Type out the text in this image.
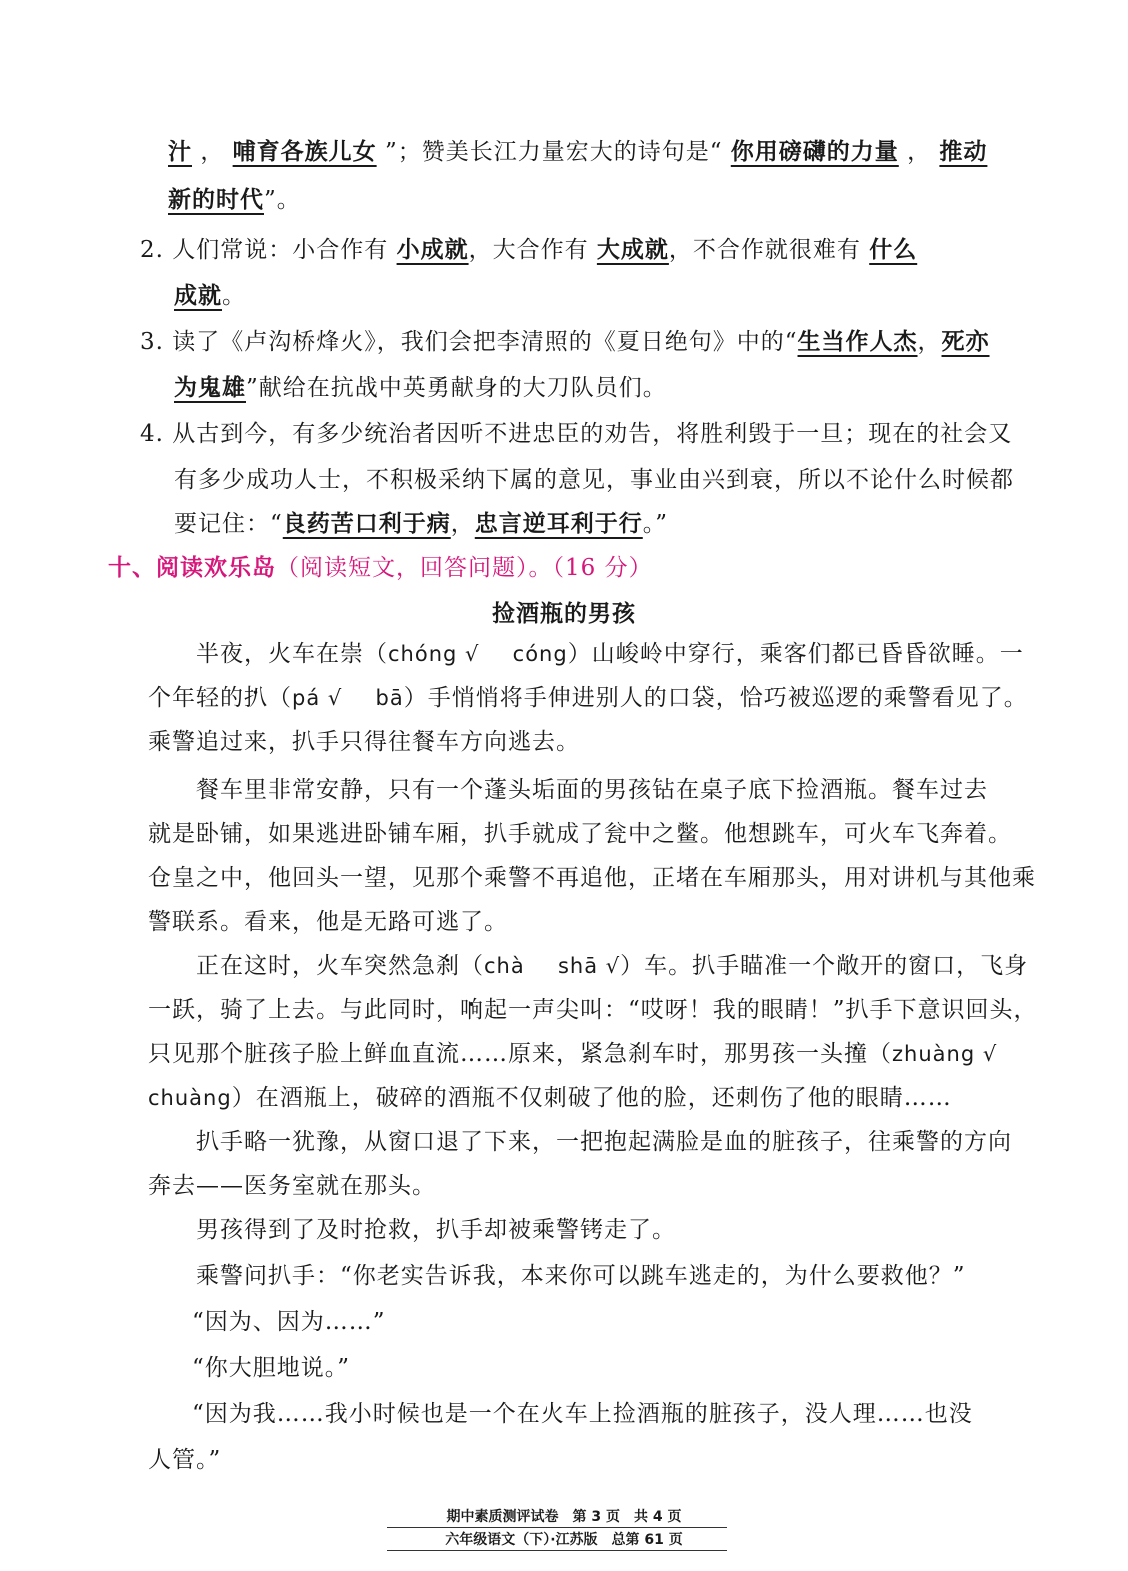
汁 ， 哺育各族儿女 ”；赞美长江力量宏大的诗句是“ 你用磅礴的力量 ， 推动
新的时代”。
2. 人们常说：小合作有 小成就，大合作有 大成就，不合作就很难有 什么
成就。
3. 读了《卢沟桥烽火》，我们会把李清照的《夏日绝句》中的“生当作人杰，死亦
为鬼雄”献给在抗战中英勇献身的大刀队员们。
4. 从古到今，有多少统治者因听不进忠臣的劝告，将胜利毁于一旦；现在的社会又
有多少成功人士，不积极采纳下属的意见，事业由兴到衰，所以不论什么时候都
要记住：“良药苦口利于病，忠言逆耳利于行。”
十、阅读欢乐岛（阅读短文，回答问题）。（16 分）
捡酒瓶的男孩
半夜，火车在崇（chóng √ cóng）山峻岭中穿行，乘客们都已昏昏欲睡。一
个年轻的扒 •（pá √ bā）手悄悄将手伸进别人的口袋，恰巧被巡逻的乘警看见了。
乘警追过来，扒手只得往餐车方向逃去。
餐车里非常安静，只有一个蓬头垢面的男孩钻在桌子底下捡酒瓶。餐车过去
就是卧铺，如果逃进卧铺车厢，扒手就成了瓮中之鳖。他想跳车，可火车飞奔着。
仓皇之中，他回头一望，见那个乘警不再追他，正堵在车厢那头，用对讲机与其他乘
警联系。看来，他是无路可逃了。
正在这时，火车突然急刹 •（chà shā √）车。扒手瞄准一个敞开的窗口，飞身
一跃，骑了上去。与此同时，响 •起一声尖叫：“哎呀！我的眼睛！”扒手下意识回头，
只见那个脏孩子脸上鲜血直流……原来，紧急刹车时，那男孩一头撞 •（zhuàng √
chuàng）在酒瓶上，破碎的酒瓶不仅刺破了他的脸，还刺伤了他的眼睛……
扒手略一犹豫，从窗口退了下来，一把抱起满脸是血的脏孩子，往乘警的方向
奔去——医务室就在那头。
男孩得到了及时抢救，扒手却被乘警铐走了。
乘警问扒手：“你老实告诉我，本来你可以跳车逃走的，为什么要救他？”
“因为、因为……”
“你大胆地说。”
“因为我……我小时候也是一个在火车上捡酒瓶的脏孩子，没人理……也没
人管。”
期中素质测评试卷　第 3 页　共 4 页
六年级语文（下）·江苏版　总第 61 页
